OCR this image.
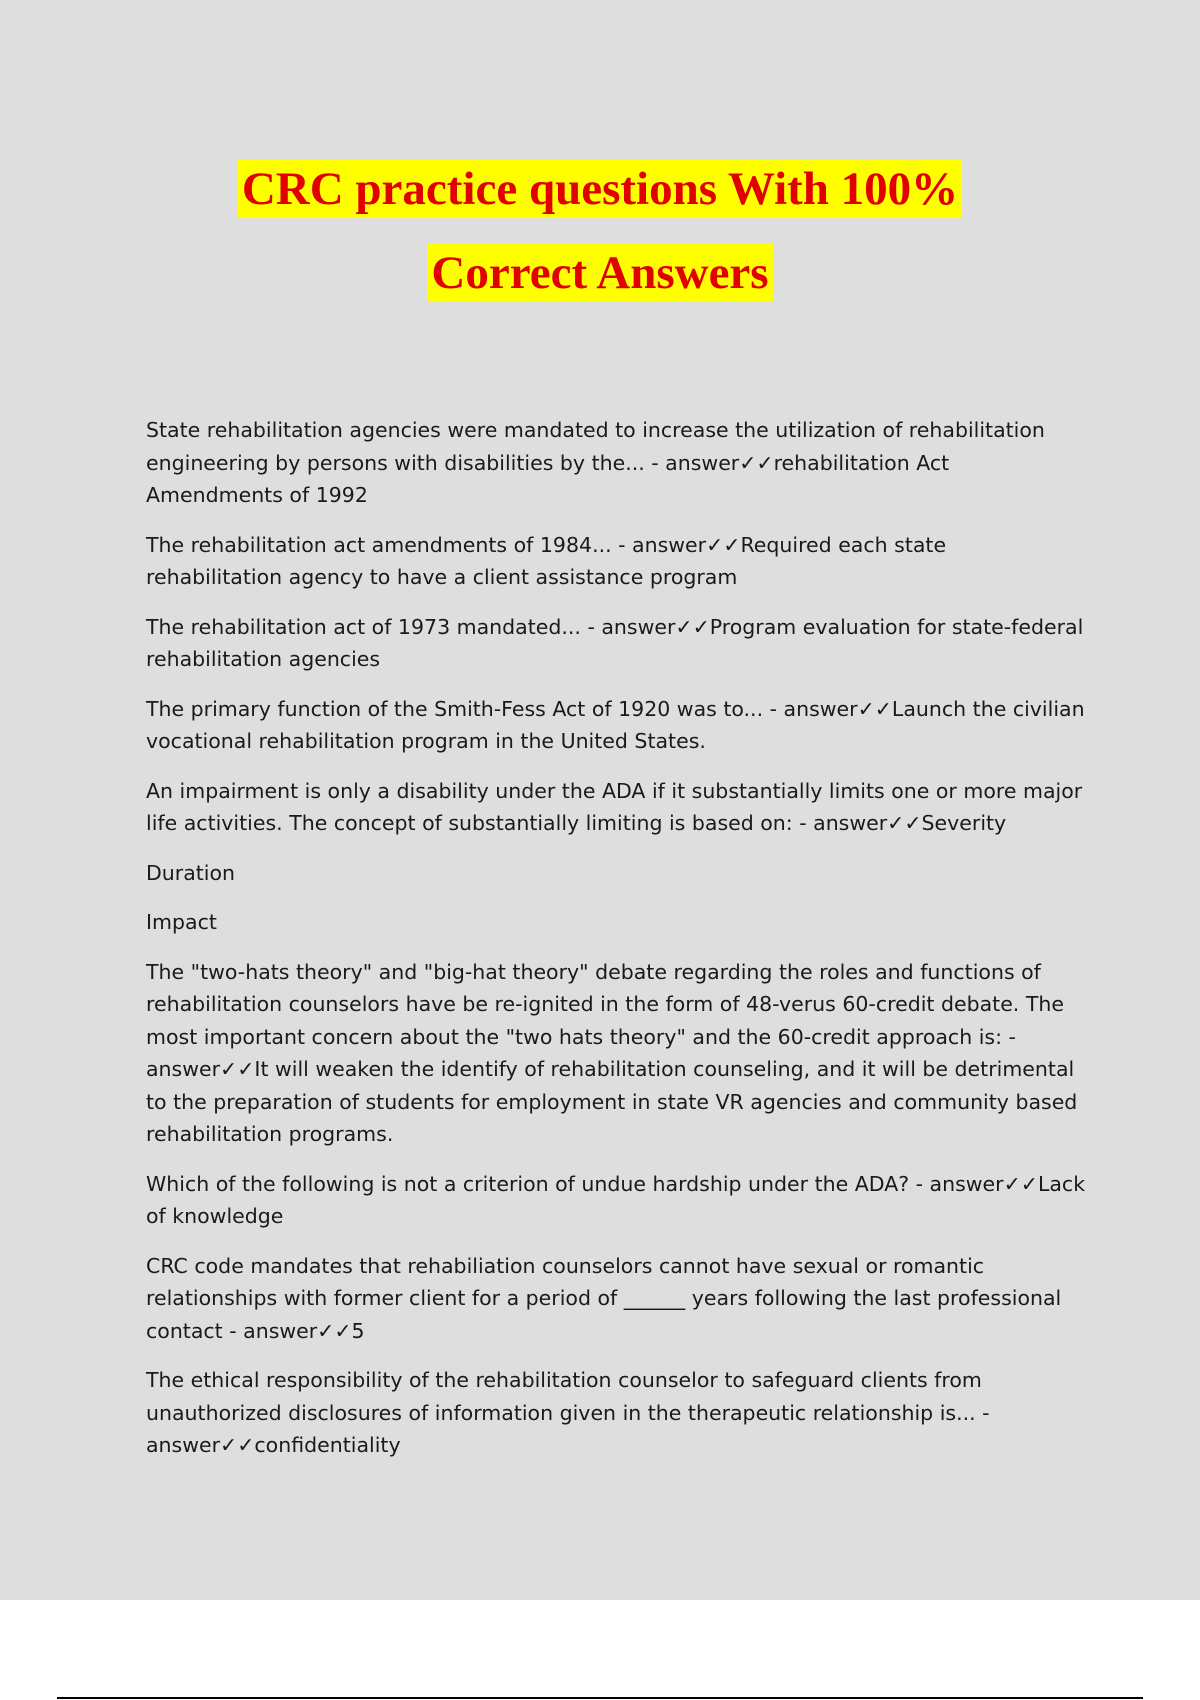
CRC practice questions With 100%
Correct Answers

State rehabilitation agencies were mandated to increase the utilization of rehabilitation engineering by persons with disabilities by the... - answer✓✓rehabilitation Act Amendments of 1992

The rehabilitation act amendments of 1984... - answer✓✓Required each state rehabilitation agency to have a client assistance program

The rehabilitation act of 1973 mandated... - answer✓✓Program evaluation for state-federal rehabilitation agencies

The primary function of the Smith-Fess Act of 1920 was to... - answer✓✓Launch the civilian vocational rehabilitation program in the United States.

An impairment is only a disability under the ADA if it substantially limits one or more major life activities. The concept of substantially limiting is based on: - answer✓✓Severity

Duration

Impact

The "two-hats theory" and "big-hat theory" debate regarding the roles and functions of rehabilitation counselors have be re-ignited in the form of 48-verus 60-credit debate. The most important concern about the "two hats theory" and the 60-credit approach is: - answer✓✓It will weaken the identify of rehabilitation counseling, and it will be detrimental to the preparation of students for employment in state VR agencies and community based rehabilitation programs.

Which of the following is not a criterion of undue hardship under the ADA? - answer✓✓Lack of knowledge

CRC code mandates that rehabiliation counselors cannot have sexual or romantic relationships with former client for a period of ______ years following the last professional contact - answer✓✓5

The ethical responsibility of the rehabilitation counselor to safeguard clients from unauthorized disclosures of information given in the therapeutic relationship is... - answer✓✓confidentiality
